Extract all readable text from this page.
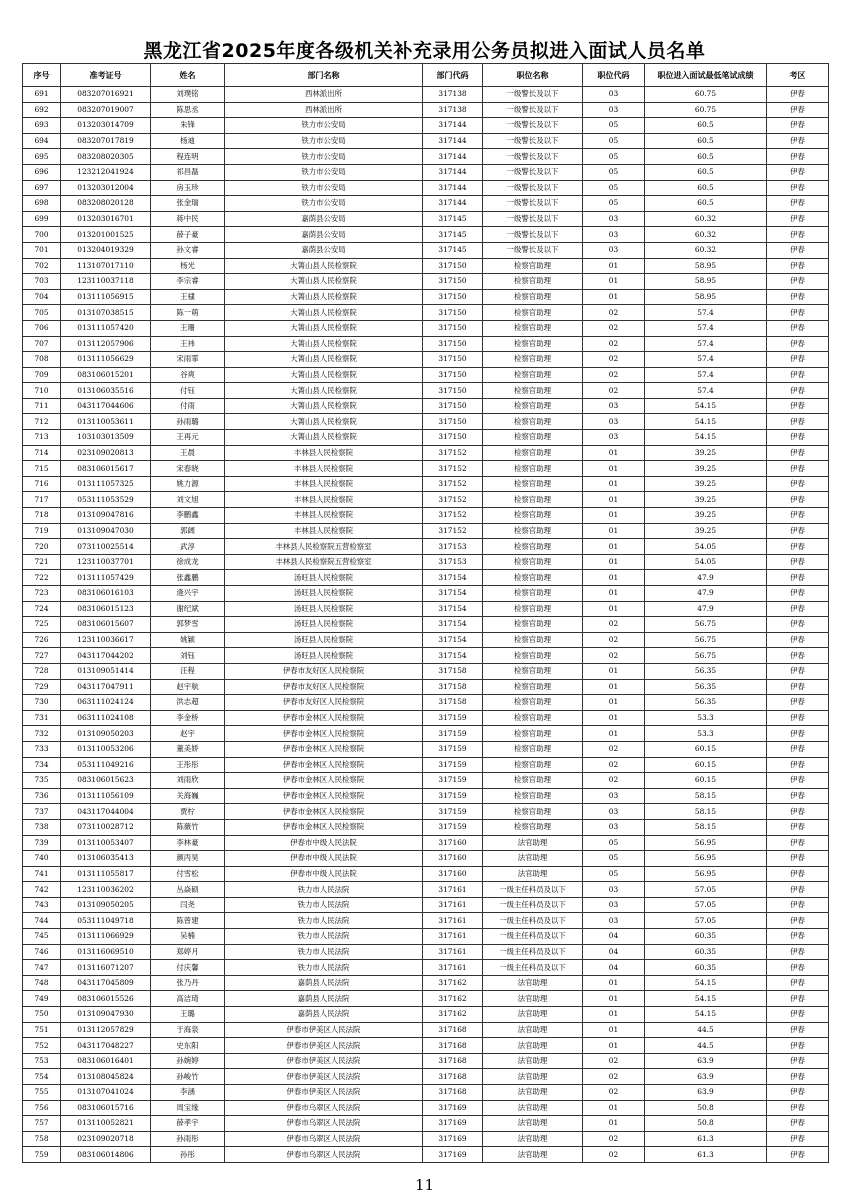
黑龙江省2025年度各级机关补充录用公务员拟进入面试人员名单
序号	准考证号	姓名	部门名称	部门代码	职位名称	职位代码	职位进入面试最低笔试成绩	考区
691	083207016921	刘璞铭	西林派出所	317138	一级警长及以下	03	60.75	伊春
692	083207019007	陈思丞	西林派出所	317138	一级警长及以下	03	60.75	伊春
693	013203014709	朱锋	铁力市公安局	317144	一级警长及以下	05	60.5	伊春
694	083207017819	杨迪	铁力市公安局	317144	一级警长及以下	05	60.5	伊春
695	083208020305	程连明	铁力市公安局	317144	一级警长及以下	05	60.5	伊春
696	123212041924	祁昌磊	铁力市公安局	317144	一级警长及以下	05	60.5	伊春
697	013203012004	房玉珍	铁力市公安局	317144	一级警长及以下	05	60.5	伊春
698	083208020128	张金瑞	铁力市公安局	317144	一级警长及以下	05	60.5	伊春
699	013203016701	蒋中民	嘉荫县公安局	317145	一级警长及以下	03	60.32	伊春
700	013201001525	薛子豪	嘉荫县公安局	317145	一级警长及以下	03	60.32	伊春
701	013204019329	孙文睿	嘉荫县公安局	317145	一级警长及以下	03	60.32	伊春
702	113107017110	杨光	大箐山县人民检察院	317150	检察官助理	01	58.95	伊春
703	123110037118	李宗睿	大箐山县人民检察院	317150	检察官助理	01	58.95	伊春
704	013111056915	王棣	大箐山县人民检察院	317150	检察官助理	01	58.95	伊春
705	013107038515	陈一萌	大箐山县人民检察院	317150	检察官助理	02	57.4	伊春
706	013111057420	王珊	大箐山县人民检察院	317150	检察官助理	02	57.4	伊春
707	013112057906	王祎	大箐山县人民检察院	317150	检察官助理	02	57.4	伊春
708	013111056629	宋雨霏	大箐山县人民检察院	317150	检察官助理	02	57.4	伊春
709	083106015201	谷爽	大箐山县人民检察院	317150	检察官助理	02	57.4	伊春
710	013106035516	付钰	大箐山县人民检察院	317150	检察官助理	02	57.4	伊春
711	043117044606	付雨	大箐山县人民检察院	317150	检察官助理	03	54.15	伊春
712	013110053611	孙雨璐	大箐山县人民检察院	317150	检察官助理	03	54.15	伊春
713	103103013509	王再元	大箐山县人民检察院	317150	检察官助理	03	54.15	伊春
714	023109020813	王晨	丰林县人民检察院	317152	检察官助理	01	39.25	伊春
715	083106015617	宋春晓	丰林县人民检察院	317152	检察官助理	01	39.25	伊春
716	013111057325	姚力源	丰林县人民检察院	317152	检察官助理	01	39.25	伊春
717	053111053529	刘文旭	丰林县人民检察院	317152	检察官助理	01	39.25	伊春
718	013109047816	李鹏鑫	丰林县人民检察院	317152	检察官助理	01	39.25	伊春
719	013109047030	郭阔	丰林县人民检察院	317152	检察官助理	01	39.25	伊春
720	073110025514	武淳	丰林县人民检察院五营检察室	317153	检察官助理	01	54.05	伊春
721	123110037701	徐成龙	丰林县人民检察院五营检察室	317153	检察官助理	01	54.05	伊春
722	013111057429	张鑫鹏	汤旺县人民检察院	317154	检察官助理	01	47.9	伊春
723	083106016103	逄兴宇	汤旺县人民检察院	317154	检察官助理	01	47.9	伊春
724	083106015123	谢纪斌	汤旺县人民检察院	317154	检察官助理	01	47.9	伊春
725	083106015607	郭梦雪	汤旺县人民检察院	317154	检察官助理	02	56.75	伊春
726	123110036617	姚颖	汤旺县人民检察院	317154	检察官助理	02	56.75	伊春
727	043117044202	刘钰	汤旺县人民检察院	317154	检察官助理	02	56.75	伊春
728	013109051414	汪程	伊春市友好区人民检察院	317158	检察官助理	01	56.35	伊春
729	043117047911	赵宇航	伊春市友好区人民检察院	317158	检察官助理	01	56.35	伊春
730	063111024124	洪志超	伊春市友好区人民检察院	317158	检察官助理	01	56.35	伊春
731	063111024108	李金桥	伊春市金林区人民检察院	317159	检察官助理	01	53.3	伊春
732	013109050203	赵宇	伊春市金林区人民检察院	317159	检察官助理	01	53.3	伊春
733	013110053206	董美娇	伊春市金林区人民检察院	317159	检察官助理	02	60.15	伊春
734	053111049216	王彤彤	伊春市金林区人民检察院	317159	检察官助理	02	60.15	伊春
735	083106015623	刘雨欣	伊春市金林区人民检察院	317159	检察官助理	02	60.15	伊春
736	013111056109	关海巍	伊春市金林区人民检察院	317159	检察官助理	03	58.15	伊春
737	043117044004	贾柠	伊春市金林区人民检察院	317159	检察官助理	03	58.15	伊春
738	073110028712	陈薇竹	伊春市金林区人民检察院	317159	检察官助理	03	58.15	伊春
739	013110053407	李林豪	伊春市中级人民法院	317160	法官助理	05	56.95	伊春
740	013106035413	颜丙昊	伊春市中级人民法院	317160	法官助理	05	56.95	伊春
741	013111055817	付雪松	伊春市中级人民法院	317160	法官助理	05	56.95	伊春
742	123110036202	丛焱硕	铁力市人民法院	317161	一级主任科员及以下	03	57.05	伊春
743	013109050205	闫尧	铁力市人民法院	317161	一级主任科员及以下	03	57.05	伊春
744	053111049718	陈曾建	铁力市人民法院	317161	一级主任科员及以下	03	57.05	伊春
745	013111066929	吴楠	铁力市人民法院	317161	一级主任科员及以下	04	60.35	伊春
746	013116069510	郑婷月	铁力市人民法院	317161	一级主任科员及以下	04	60.35	伊春
747	013116071207	付庆馨	铁力市人民法院	317161	一级主任科员及以下	04	60.35	伊春
748	043117045809	张乃丹	嘉荫县人民法院	317162	法官助理	01	54.15	伊春
749	083106015526	高洁琦	嘉荫县人民法院	317162	法官助理	01	54.15	伊春
750	013109047930	王璐	嘉荫县人民法院	317162	法官助理	01	54.15	伊春
751	013112057829	于海泉	伊春市伊美区人民法院	317168	法官助理	01	44.5	伊春
752	043117048227	史东阳	伊春市伊美区人民法院	317168	法官助理	01	44.5	伊春
753	083106016401	孙婉婷	伊春市伊美区人民法院	317168	法官助理	02	63.9	伊春
754	013108045824	孙峻竹	伊春市伊美区人民法院	317168	法官助理	02	63.9	伊春
755	013107041024	李涵	伊春市伊美区人民法院	317168	法官助理	02	63.9	伊春
756	083106015716	周宝缘	伊春市乌翠区人民法院	317169	法官助理	01	50.8	伊春
757	013110052821	薛孝宇	伊春市乌翠区人民法院	317169	法官助理	01	50.8	伊春
758	023109020718	孙雨彤	伊春市乌翠区人民法院	317169	法官助理	02	61.3	伊春
759	083106014806	孙彤	伊春市乌翠区人民法院	317169	法官助理	02	61.3	伊春
11
